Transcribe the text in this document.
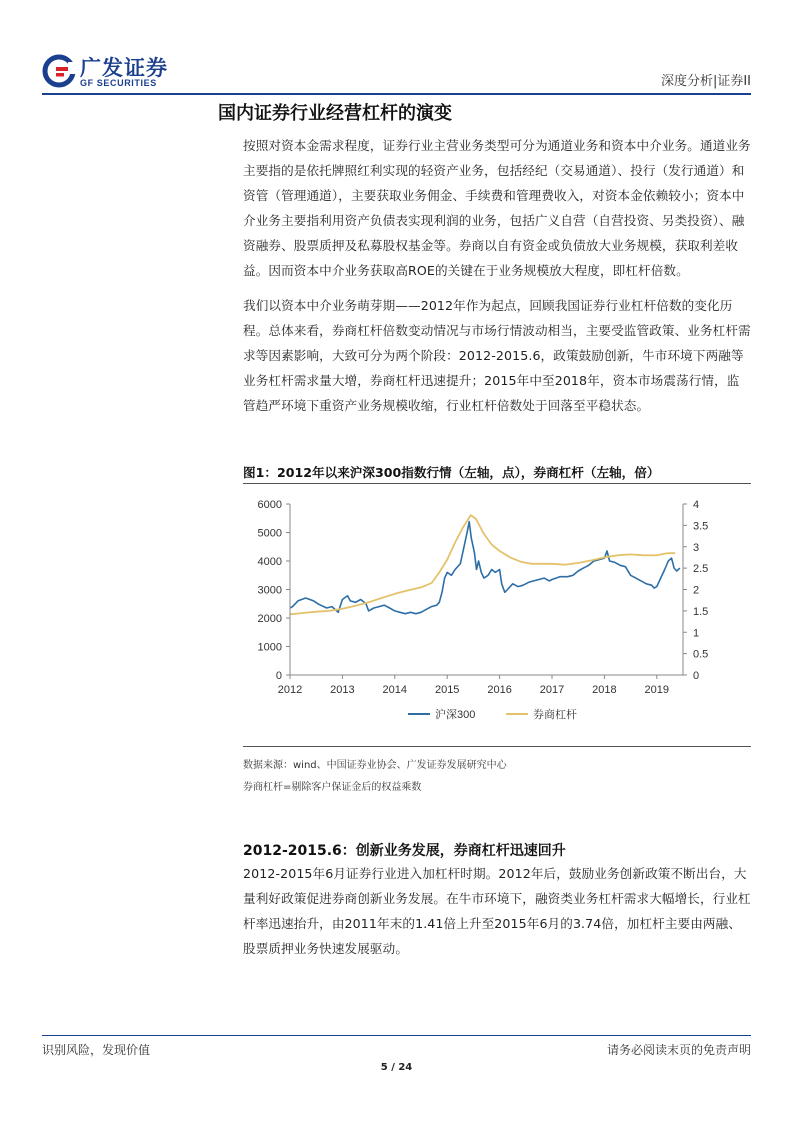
广发证券
GF SECURITIES	深度分析|证券II
国内证券行业经营杠杆的演变
按照对资本金需求程度，证券行业主营业务类型可分为通道业务和资本中介业务。通道业务主要指的是依托牌照红利实现的轻资产业务，包括经纪（交易通道）、投行（发行通道）和资管（管理通道），主要获取业务佣金、手续费和管理费收入，对资本金依赖较小；资本中介业务主要指利用资产负债表实现利润的业务，包括广义自营（自营投资、另类投资）、融资融券、股票质押及私募股权基金等。券商以自有资金或负债放大业务规模，获取利差收益。因而资本中介业务获取高ROE的关键在于业务规模放大程度，即杠杆倍数。
我们以资本中介业务萌芽期——2012年作为起点，回顾我国证券行业杠杆倍数的变化历程。总体来看，券商杠杆倍数变动情况与市场行情波动相当，主要受监管政策、业务杠杆需求等因素影响，大致可分为两个阶段：2012-2015.6，政策鼓励创新，牛市环境下两融等业务杠杆需求量大增，券商杠杆迅速提升；2015年中至2018年，资本市场震荡行情，监管趋严环境下重资产业务规模收缩，行业杠杆倍数处于回落至平稳状态。
图1：2012年以来沪深300指数行情（左轴，点），券商杠杆（左轴，倍）
0
1000
2000
3000
4000
5000
6000
0
0.5
1
1.5
2
2.5
3
3.5
4
2012	2013	2014	2015	2016	2017	2018	2019
沪深300	券商杠杆
数据来源：wind、中国证券业协会、广发证券发展研究中心
券商杠杆=剔除客户保证金后的权益乘数
2012-2015.6：创新业务发展，券商杠杆迅速回升
2012-2015年6月证券行业进入加杠杆时期。2012年后，鼓励业务创新政策不断出台，大量利好政策促进券商创新业务发展。在牛市环境下，融资类业务杠杆需求大幅增长，行业杠杆率迅速抬升，由2011年末的1.41倍上升至2015年6月的3.74倍，加杠杆主要由两融、股票质押业务快速发展驱动。
识别风险，发现价值	请务必阅读末页的免责声明
5 / 24
